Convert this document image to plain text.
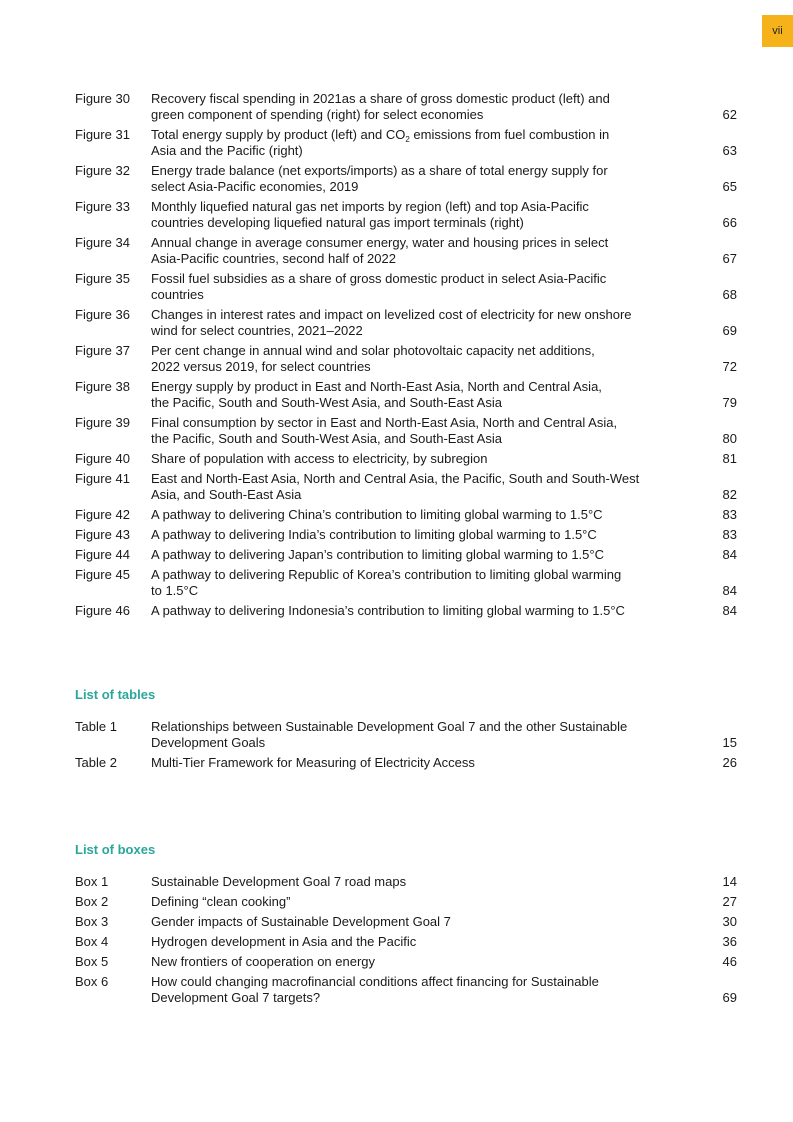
vii
Figure 30	Recovery fiscal spending in 2021as a share of gross domestic product (left) and
green component of spending (right) for select economies	62
Figure 31	Total energy supply by product (left) and $CO_2$ emissions from fuel combustion in
Asia and the Pacific (right)	63
Figure 32	Energy trade balance (net exports/imports) as a share of total energy supply for
select Asia-Pacific economies, 2019	65
Figure 33	Monthly liquefied natural gas net imports by region (left) and top Asia-Pacific
countries developing liquefied natural gas import terminals (right)	66
Figure 34	Annual change in average consumer energy, water and housing prices in select
Asia-Pacific countries, second half of 2022	67
Figure 35	Fossil fuel subsidies as a share of gross domestic product in select Asia-Pacific
countries	68
Figure 36	Changes in interest rates and impact on levelized cost of electricity for new onshore
wind for select countries, 2021–2022	69
Figure 37	Per cent change in annual wind and solar photovoltaic capacity net additions,
2022 versus 2019, for select countries	72
Figure 38	Energy supply by product in East and North-East Asia, North and Central Asia,
the Pacific, South and South-West Asia, and South-East Asia	79
Figure 39	Final consumption by sector in East and North-East Asia, North and Central Asia,
the Pacific, South and South-West Asia, and South-East Asia	80
Figure 40	Share of population with access to electricity, by subregion	81
Figure 41	East and North-East Asia, North and Central Asia, the Pacific, South and South-West
Asia, and South-East Asia	82
Figure 42	A pathway to delivering China’s contribution to limiting global warming to 1.5°C	83
Figure 43	A pathway to delivering India’s contribution to limiting global warming to 1.5°C	83
Figure 44	A pathway to delivering Japan’s contribution to limiting global warming to 1.5°C	84
Figure 45	A pathway to delivering Republic of Korea’s contribution to limiting global warming
to 1.5°C	84
Figure 46	A pathway to delivering Indonesia’s contribution to limiting global warming to 1.5°C	84
List of tables
Table 1	Relationships between Sustainable Development Goal 7 and the other Sustainable
Development Goals	15
Table 2	Multi-Tier Framework for Measuring of Electricity Access	26
List of boxes
Box 1	Sustainable Development Goal 7 road maps	14
Box 2	Defining “clean cooking”	27
Box 3	Gender impacts of Sustainable Development Goal 7	30
Box 4	Hydrogen development in Asia and the Pacific	36
Box 5	New frontiers of cooperation on energy	46
Box 6	How could changing macrofinancial conditions affect financing for Sustainable
Development Goal 7 targets?	69
